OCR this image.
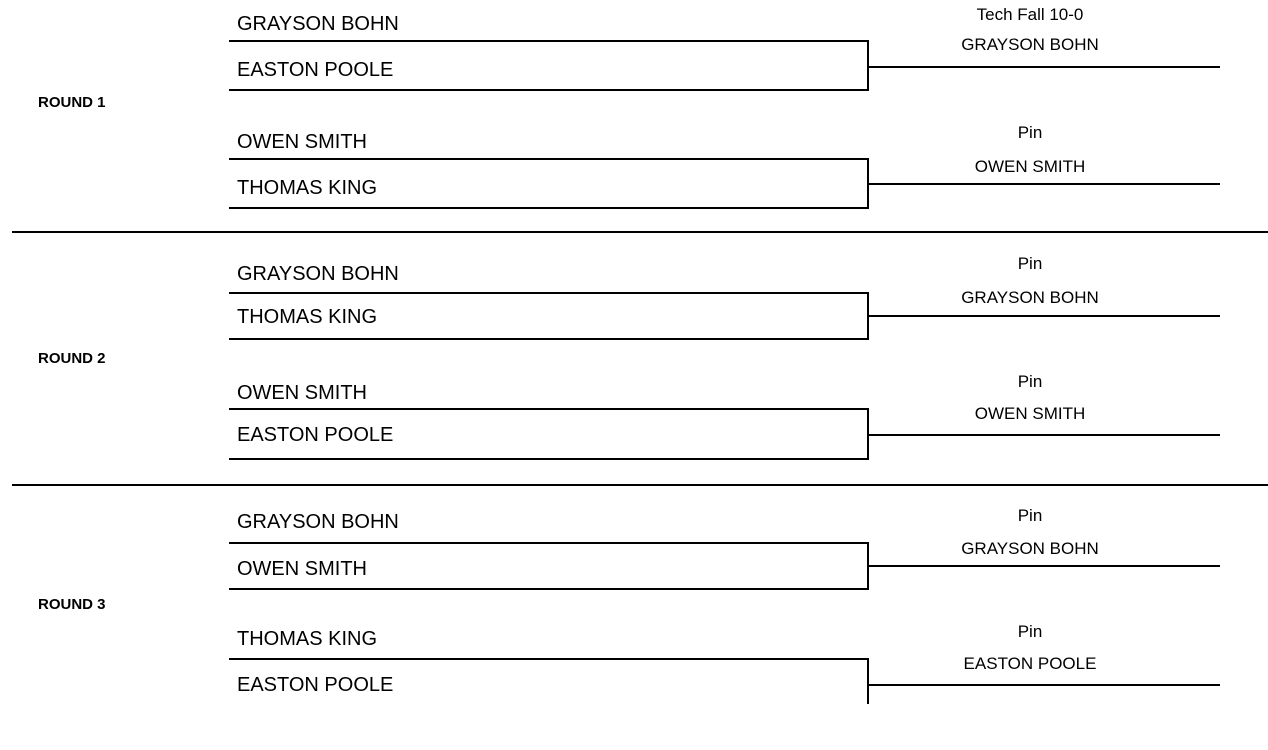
ROUND 1
GRAYSON BOHN
EASTON POOLE
Tech Fall 10-0
GRAYSON BOHN
OWEN SMITH
THOMAS KING
Pin
OWEN SMITH
ROUND 2
GRAYSON BOHN
THOMAS KING
Pin
GRAYSON BOHN
OWEN SMITH
EASTON POOLE
Pin
OWEN SMITH
ROUND 3
GRAYSON BOHN
OWEN SMITH
Pin
GRAYSON BOHN
THOMAS KING
EASTON POOLE
Pin
EASTON POOLE
